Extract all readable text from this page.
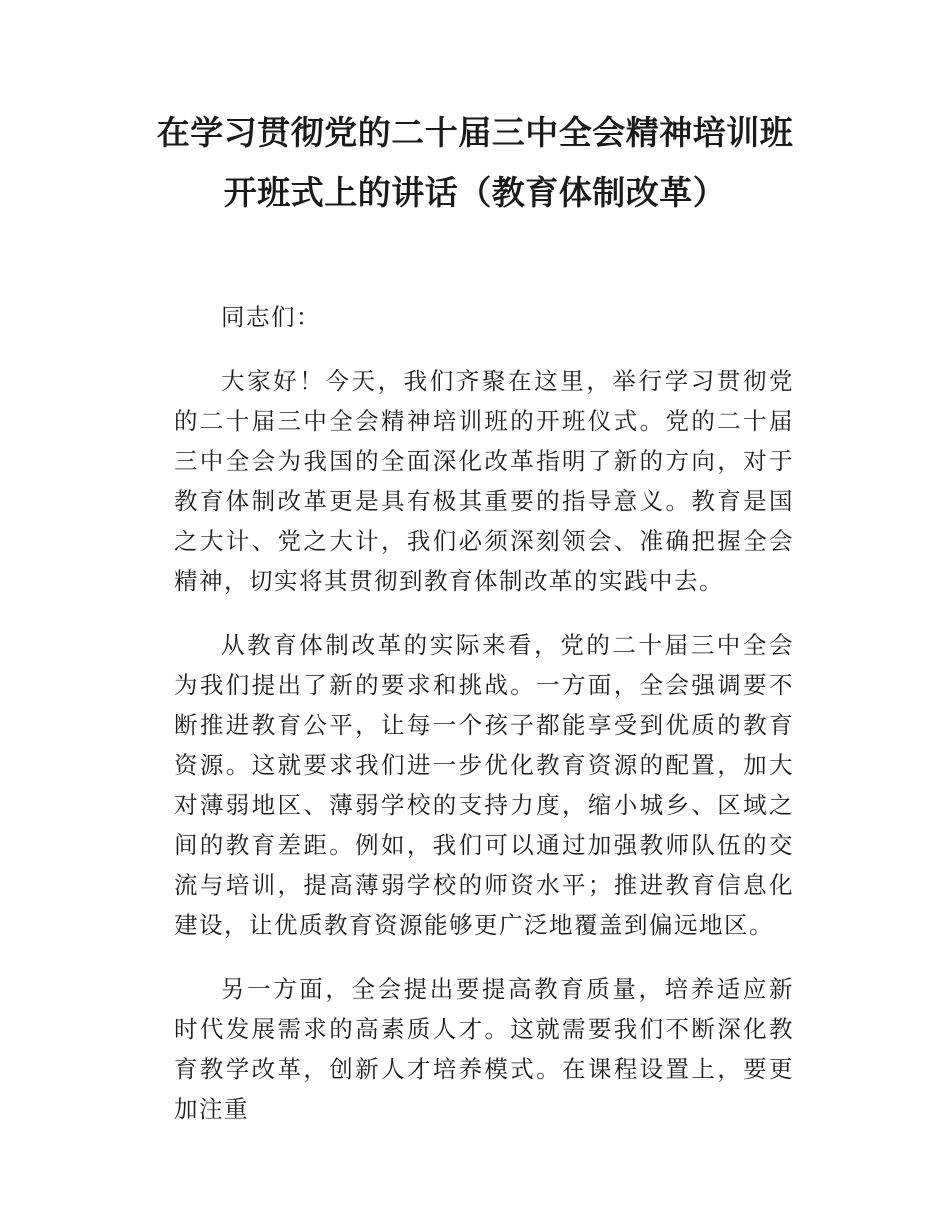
在学习贯彻党的二十届三中全会精神培训班
开班式上的讲话（教育体制改革）

同志们：

大家好！今天，我们齐聚在这里，举行学习贯彻党的二十届三中全会精神培训班的开班仪式。党的二十届三中全会为我国的全面深化改革指明了新的方向，对于教育体制改革更是具有极其重要的指导意义。教育是国之大计、党之大计，我们必须深刻领会、准确把握全会精神，切实将其贯彻到教育体制改革的实践中去。

从教育体制改革的实际来看，党的二十届三中全会为我们提出了新的要求和挑战。一方面，全会强调要不断推进教育公平，让每一个孩子都能享受到优质的教育资源。这就要求我们进一步优化教育资源的配置，加大对薄弱地区、薄弱学校的支持力度，缩小城乡、区域之间的教育差距。例如，我们可以通过加强教师队伍的交流与培训，提高薄弱学校的师资水平；推进教育信息化建设，让优质教育资源能够更广泛地覆盖到偏远地区。

另一方面，全会提出要提高教育质量，培养适应新时代发展需求的高素质人才。这就需要我们不断深化教育教学改革，创新人才培养模式。在课程设置上，要更加注重
